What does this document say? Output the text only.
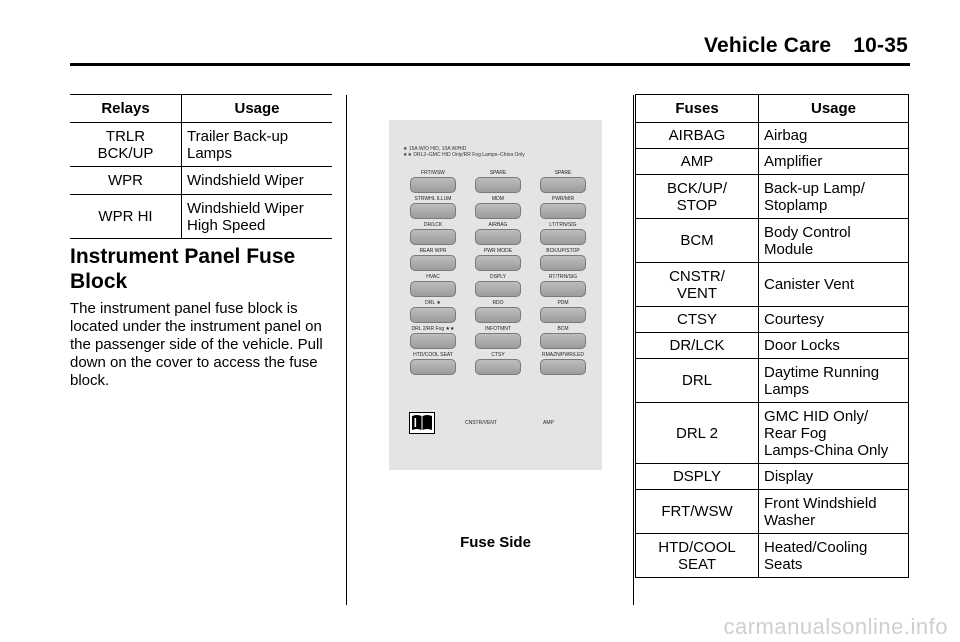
Vehicle Care 10-35
Relays	Usage
TRLR
BCK/UP	Trailer Back-up
Lamps
WPR	Windshield Wiper
WPR HI	Windshield Wiper
High Speed
Instrument Panel Fuse Block
The instrument panel fuse block is located under the instrument panel on the passenger side of the vehicle. Pull down on the cover to access the fuse block.
★ 15A W/O HID, 10A W/HID
★★ DRL2–GMC HID Only/RR Fog Lamps–China Only
FRT/WSW	SPARE	SPARE
STRWHL ILLUM	MDM	PWR/MIR
DR/LCK	AIRBAG	LT/TRN/SIG
REAR WPR	PWR MODE	BCK/UP/STOP
HVAC	DSPLY	RT/TRN/SIG
DRL ★	RDO	PDM
DRL 2/RR Fog ★★	INFOTMNT	BCM
HTD/COOL SEAT	CTSY	RMAZN/PWR/LED
CNSTR/VENT	AMP
Fuse Side
Fuses	Usage
AIRBAG	Airbag
AMP	Amplifier
BCK/UP/
STOP	Back-up Lamp/
Stoplamp
BCM	Body Control
Module
CNSTR/
VENT	Canister Vent
CTSY	Courtesy
DR/LCK	Door Locks
DRL	Daytime Running
Lamps
DRL 2	GMC HID Only/
Rear Fog
Lamps-China Only
DSPLY	Display
FRT/WSW	Front Windshield
Washer
HTD/COOL
SEAT	Heated/Cooling
Seats
carmanualsonline.info
